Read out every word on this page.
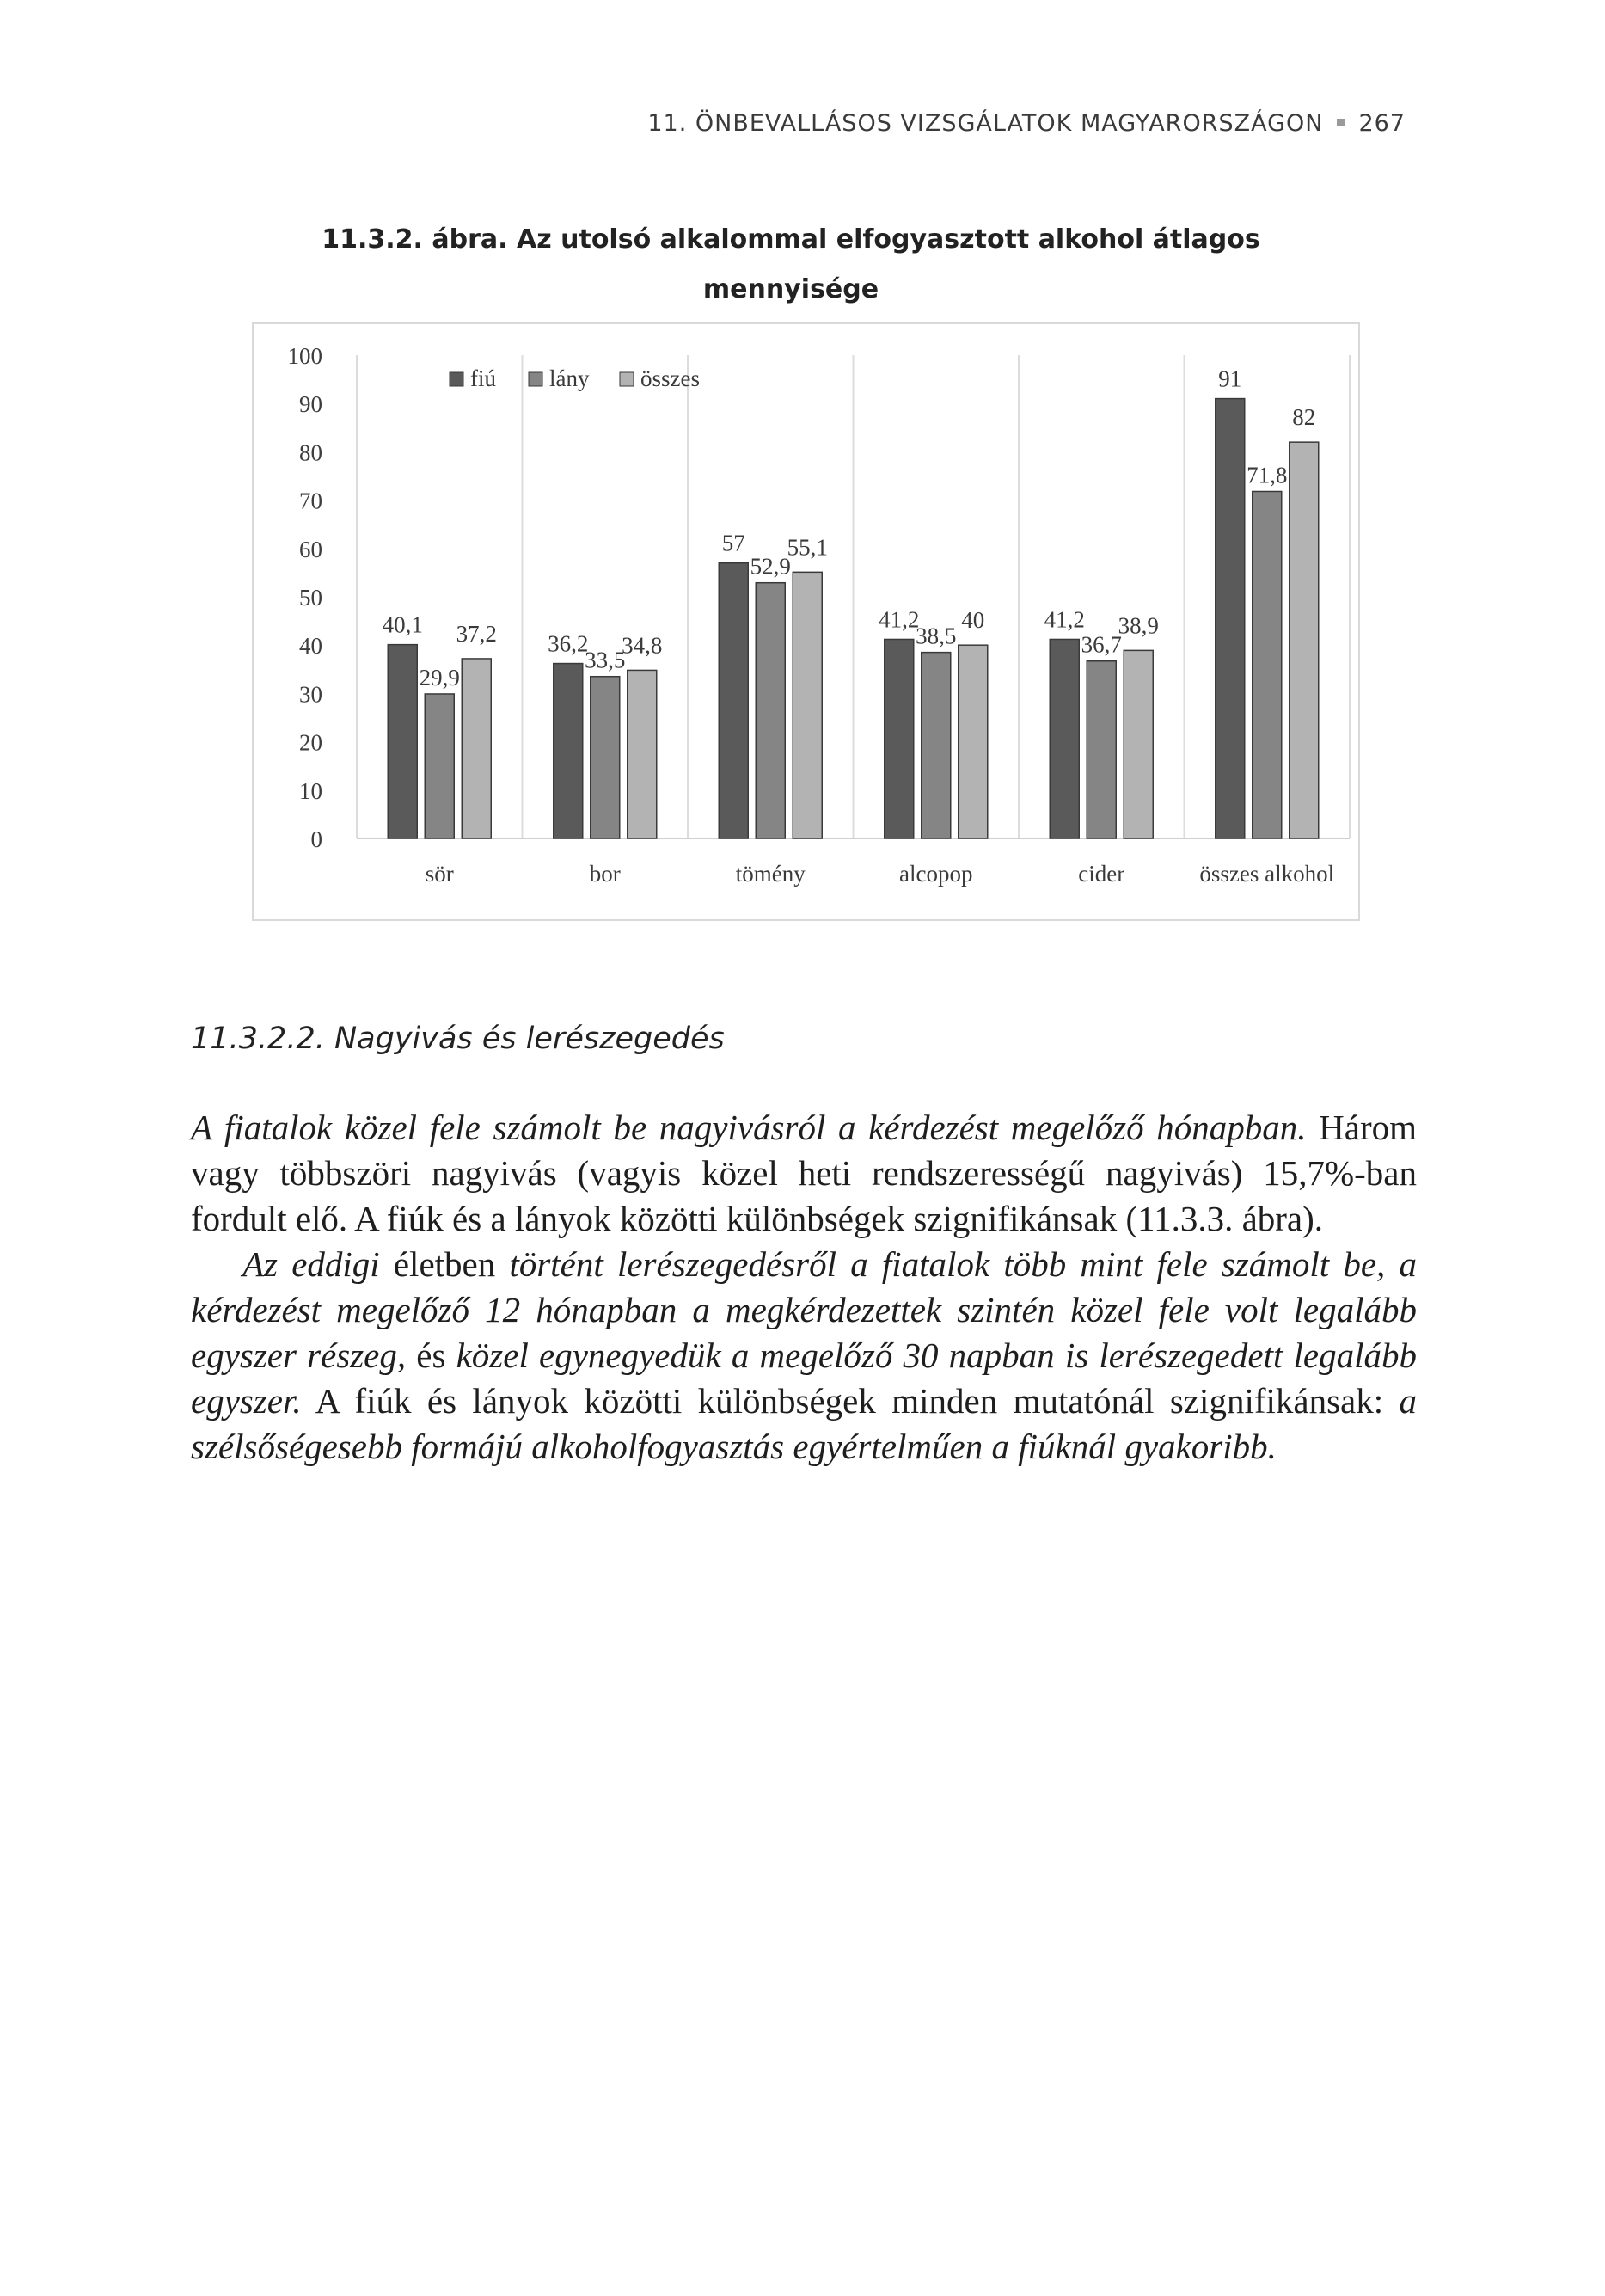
11. ÖNBEVALLÁSOS VIZSGÁLATOK MAGYARORSZÁGON 267
11.3.2. ábra. Az utolsó alkalommal elfogyasztott alkohol átlagos mennyisége
0
10
20
30
40
50
60
70
80
90
100
40,1
29,9
37,2
sör
36,2
33,5
34,8
bor
57
52,9
55,1
tömény
41,2
38,5
40
alcopop
41,2
36,7
38,9
cider
91
71,8
82
összes alkohol
fiú lány összes
11.3.2.2. Nagyivás és lerészegedés

A fiatalok közel fele számolt be nagyivásról a kérdezést megelőző hónapban. Három vagy többszöri nagyivás (vagyis közel heti rendszerességű nagyivás) 15,7%-ban fordult elő. A fiúk és a lányok közötti különbségek szignifikánsak (11.3.3. ábra).

Az eddigi életben történt lerészegedésről a fiatalok több mint fele számolt be, a kérdezést megelőző 12 hónapban a megkérdezettek szintén közel fele volt legalább egyszer részeg, és közel egynegyedük a megelőző 30 napban is lerészegedett legalább egyszer. A fiúk és lányok közötti különbségek minden mutatónál szignifikánsak: a szélsőségesebb formájú alkoholfogyasztás egyértelműen a fiúknál gyakoribb.
